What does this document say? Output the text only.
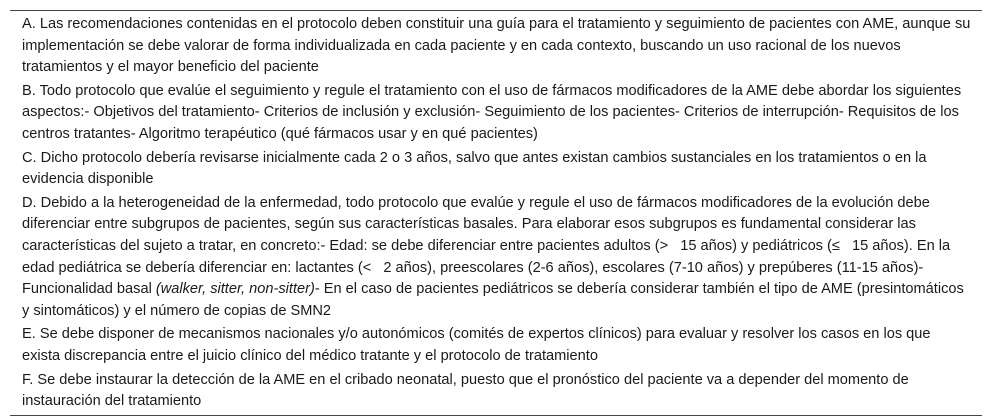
A. Las recomendaciones contenidas en el protocolo deben constituir una guía para el tratamiento y seguimiento de pacientes con AME, aunque su implementación se debe valorar de forma individualizada en cada paciente y en cada contexto, buscando un uso racional de los nuevos tratamientos y el mayor beneficio del paciente
B. Todo protocolo que evalúe el seguimiento y regule el tratamiento con el uso de fármacos modificadores de la AME debe abordar los siguientes aspectos:- Objetivos del tratamiento- Criterios de inclusión y exclusión- Seguimiento de los pacientes- Criterios de interrupción- Requisitos de los centros tratantes- Algoritmo terapéutico (qué fármacos usar y en qué pacientes)
C. Dicho protocolo debería revisarse inicialmente cada 2 o 3 años, salvo que antes existan cambios sustanciales en los tratamientos o en la evidencia disponible
D. Debido a la heterogeneidad de la enfermedad, todo protocolo que evalúe y regule el uso de fármacos modificadores de la evolución debe diferenciar entre subgrupos de pacientes, según sus características basales. Para elaborar esos subgrupos es fundamental considerar las características del sujeto a tratar, en concreto:- Edad: se debe diferenciar entre pacientes adultos (> 15 años) y pediátricos (≤ 15 años). En la edad pediátrica se debería diferenciar en: lactantes (< 2 años), preescolares (2-6 años), escolares (7-10 años) y prepúberes (11-15 años)- Funcionalidad basal (walker, sitter, non-sitter)- En el caso de pacientes pediátricos se debería considerar también el tipo de AME (presintomáticos y sintomáticos) y el número de copias de SMN2
E. Se debe disponer de mecanismos nacionales y/o autonómicos (comités de expertos clínicos) para evaluar y resolver los casos en los que exista discrepancia entre el juicio clínico del médico tratante y el protocolo de tratamiento
F. Se debe instaurar la detección de la AME en el cribado neonatal, puesto que el pronóstico del paciente va a depender del momento de instauración del tratamiento
